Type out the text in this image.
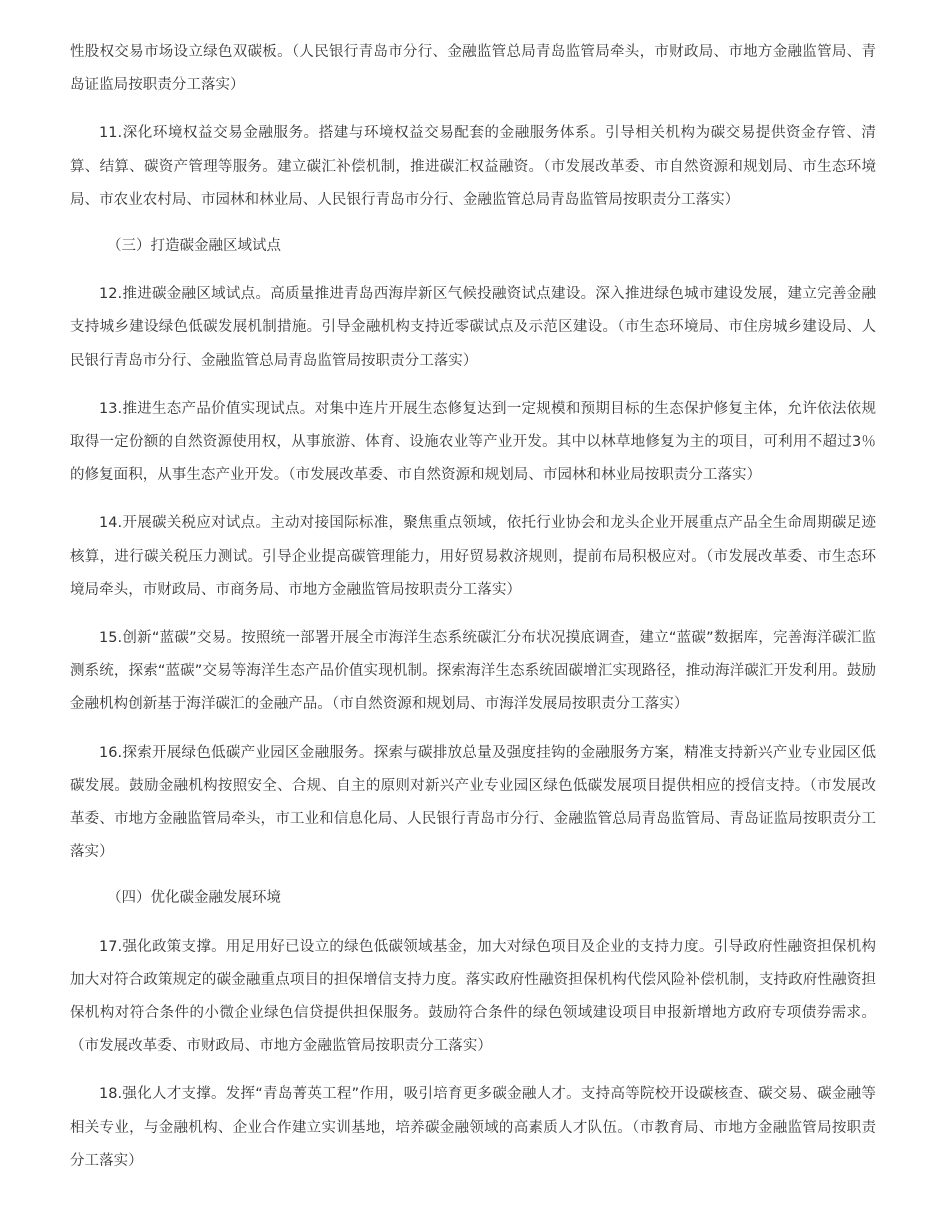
性股权交易市场设立绿色双碳板。（人民银行青岛市分行、金融监管总局青岛监管局牵头，市财政局、市地方金融监管局、青岛证监局按职责分工落实）

11.深化环境权益交易金融服务。搭建与环境权益交易配套的金融服务体系。引导相关机构为碳交易提供资金存管、清算、结算、碳资产管理等服务。建立碳汇补偿机制，推进碳汇权益融资。（市发展改革委、市自然资源和规划局、市生态环境局、市农业农村局、市园林和林业局、人民银行青岛市分行、金融监管总局青岛监管局按职责分工落实）

（三）打造碳金融区域试点

12.推进碳金融区域试点。高质量推进青岛西海岸新区气候投融资试点建设。深入推进绿色城市建设发展，建立完善金融支持城乡建设绿色低碳发展机制措施。引导金融机构支持近零碳试点及示范区建设。（市生态环境局、市住房城乡建设局、人民银行青岛市分行、金融监管总局青岛监管局按职责分工落实）

13.推进生态产品价值实现试点。对集中连片开展生态修复达到一定规模和预期目标的生态保护修复主体，允许依法依规取得一定份额的自然资源使用权，从事旅游、体育、设施农业等产业开发。其中以林草地修复为主的项目，可利用不超过3％的修复面积，从事生态产业开发。（市发展改革委、市自然资源和规划局、市园林和林业局按职责分工落实）

14.开展碳关税应对试点。主动对接国际标准，聚焦重点领域，依托行业协会和龙头企业开展重点产品全生命周期碳足迹核算，进行碳关税压力测试。引导企业提高碳管理能力，用好贸易救济规则，提前布局积极应对。（市发展改革委、市生态环境局牵头，市财政局、市商务局、市地方金融监管局按职责分工落实）

15.创新“蓝碳”交易。按照统一部署开展全市海洋生态系统碳汇分布状况摸底调查，建立“蓝碳”数据库，完善海洋碳汇监测系统，探索“蓝碳”交易等海洋生态产品价值实现机制。探索海洋生态系统固碳增汇实现路径，推动海洋碳汇开发利用。鼓励金融机构创新基于海洋碳汇的金融产品。（市自然资源和规划局、市海洋发展局按职责分工落实）

16.探索开展绿色低碳产业园区金融服务。探索与碳排放总量及强度挂钩的金融服务方案，精准支持新兴产业专业园区低碳发展。鼓励金融机构按照安全、合规、自主的原则对新兴产业专业园区绿色低碳发展项目提供相应的授信支持。（市发展改革委、市地方金融监管局牵头，市工业和信息化局、人民银行青岛市分行、金融监管总局青岛监管局、青岛证监局按职责分工落实）

（四）优化碳金融发展环境

17.强化政策支撑。用足用好已设立的绿色低碳领域基金，加大对绿色项目及企业的支持力度。引导政府性融资担保机构加大对符合政策规定的碳金融重点项目的担保增信支持力度。落实政府性融资担保机构代偿风险补偿机制，支持政府性融资担保机构对符合条件的小微企业绿色信贷提供担保服务。鼓励符合条件的绿色领域建设项目申报新增地方政府专项债券需求。（市发展改革委、市财政局、市地方金融监管局按职责分工落实）

18.强化人才支撑。发挥“青岛菁英工程”作用，吸引培育更多碳金融人才。支持高等院校开设碳核查、碳交易、碳金融等相关专业，与金融机构、企业合作建立实训基地，培养碳金融领域的高素质人才队伍。（市教育局、市地方金融监管局按职责分工落实）
